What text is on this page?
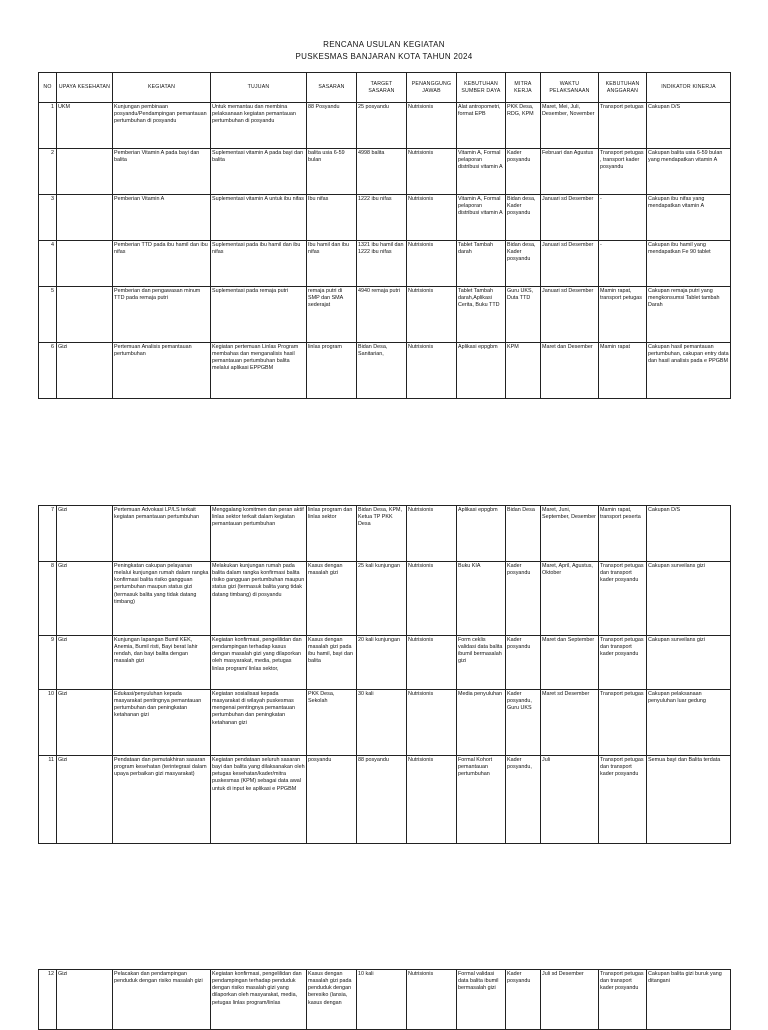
RENCANA USULAN KEGIATAN
PUSKESMAS BANJARAN KOTA TAHUN 2024
NO	UPAYA KESEHATAN	KEGIATAN	TUJUAN	SASARAN	TARGET SASARAN	PENANGGUNG JAWAB	KEBUTUHAN SUMBER DAYA	MITRA KERJA	WAKTU PELAKSANAAN	KEBUTUHAN ANGGARAN	INDIKATOR KINERJA
1	UKM	Kunjungan pembinaan posyandu/Pendampingan pemantauan pertumbuhan di posyandu	Untuk memantau dan membina pelaksanaan kegiatan pemantauan pertumbuhan di posyandu	88 Posyandu	25 posyandu	Nutrisionis	Alat antropometri, format EPB	PKK Desa, RDG, KPM	Maret, Mei, Juli, Desember, November	Transport petugas	Cakupan D/S
2		Pemberian Vitamin A pada bayi dan balita	Suplementasi vitamin A pada bayi dan balita	balita usia 6-59 bulan	4998 balita	Nutrisionis	Vitamin A, Formal pelaporan distribusi vitamin A	Kader posyandu	Februari dan Agustus	Transport petugas , transport kader posyandu	Cakupan balita usia 6-59 bulan yang mendapatkan vitamin A
3		Pemberian Vitamin A	Suplementasi vitamin A untuk ibu nifas	Ibu nifas	1222 ibu nifas	Nutrisionis	Vitamin A, Formal pelaporan distribusi vitamin A	Bidan desa, Kader posyandu	Januari sd Desember	-	Cakupan ibu nifas yang mendapatkan vitamin A
4		Pemberian TTD pada ibu hamil dan ibu nifas	Suplementasi pada ibu hamil dan ibu nifas	Ibu hamil dan ibu nifas	1321 ibu hamil dan 1222 ibu nifas	Nutrisionis	Tablet Tambah darah	Bidan desa, Kader posyandu	Januari sd Desember	-	Cakupan ibu hamil yang mendapatkan Fe 90 tablet
5		Pemberian dan pengawasan minum TTD pada remaja putri	Suplementasi pada remaja putri	remaja putri di SMP dan SMA sederajat	4940 remaja putri	Nutrisionis	Tablet Tambah darah,Aplikasi Cerita, Buku TTD	Guru UKS, Duta TTD	Januari sd Desember	Mamin rapat, transport petugas	Cakupan remaja putri yang mengkonsumsi Tablet tambah Darah
6	Gizi	Pertemuan Analisis pemantauan pertumbuhan	Kegiatan pertemuan Linlas Program membahas dan menganalisis hasil pemantauan pertumbuhan balita melalui aplikasi EPPGBM	linlas program	Bidan Desa, Sanitarian,	Nutrisionis	Aplikasi eppgbm	KPM	Maret dan Desember	Mamin rapat	Cakupan hasil pemantauan pertumbuhan, cakupan entry data dan hasil analisis pada e PPGBM
7	Gizi	Pertemuan Advokasi LP/LS terkait kegiatan pemantauan pertumbuhan	Menggalang komitmen dan peran aktif linlas sektor terkait dalam kegiatan pemantauan pertumbuhan	linlas program dan linlas sektor	Bidan Desa, KPM, Ketua TP PKK Desa	Nutrisionis	Aplikasi eppgbm	Bidan Desa	Maret, Juni, September, Desember	Mamin rapat, transport peserta	Cakupan D/S
8	Gizi	Peningkatan cakupan pelayanan melalui kunjungan rumah dalam rangka konfirmasi balita risiko gangguan pertumbuhan maupun status gizi (termasuk balita yang tidak datang timbang)	Melakukan kunjungan rumah pada balita dalam rangka konfirmasi balita risiko gangguan pertumbuhan maupun status gizi (termasuk balita yang tidak datang timbang) di posyandu	Kasus dengan masalah gizi	25 kali kunjungan	Nutrisionis	Buku KIA	Kader posyandu	Maret, April, Agustus, Oktober	Transport petugas dan transport kader posyandu	Cakupan surveilans gizi
9	Gizi	Kunjungan lapangan Bumil KEK, Anemia, Bumil risti, Bayi berat lahir rendah, dan bayi balita dengan masalah gizi	Kegiatan konfirmasi, pengelilidan dan pendampingan terhadap kasus dengan masalah gizi yang dilaporkan oleh masyarakat, media, petugas linlas program/ linlas sektor,	Kasus dengan masalah gizi pada ibu hamil, bayi dan balita	20 kali kunjungan	Nutrisionis	Form ceklis validasi data balita ibumil bermasalah gizi	Kader posyandu	Maret dan September	Transport petugas dan transport kader posyandu	Cakupan surveilans gizi
10	Gizi	Edukasi/penyuluhan kepada masyarakat pentingnya pemantauan pertumbuhan dan peningkatan ketahanan gizi	Kegiatan sosialisasi kepada masyarakat di wilayah puskesmas mengenai pentingnya pemantauan pertumbuhan dan peningkatan ketahanan gizi	PKK Desa, Sekolah	30 kali	Nutrisionis	Media penyuluhan	Kader posyandu, Guru UKS	Maret sd Desember	Transport petugas	Cakupan pelaksanaan penyuluhan luar gedung
11	Gizi	Pendataan dan pemutakhiran sasaran program kesehatan (terintegrasi dalam upaya perbaikan gizi masyarakat)	Kegiatan pendataan seluruh sasaran bayi dan balita yang dilaksanakan oleh petugas kesehatan/kader/mitra puskesmas (KPM) sebagai data awal untuk di input ke aplikasi e PPGBM	posyandu	88 posyandu	Nutrisionis	Formal Kohort pemantauan pertumbuhan	Kader posyandu,	Juli	Transport petugas dan transport kader posyandu	Semua bayi dan Balita terdata
12	Gizi	Pelacakan dan pendampingan penduduk dengan risiko masalah gizi	Kegiatan konfirmasi, pengelilidan dan pendampingan terhadap penduduk dengan risiko masalah gizi yang dilaporkan oleh masyarakat, media, petugas linlas program/linlas	Kasus dengan masalah gizi pada penduduk dengan beresiko (lansia, kasus dengan	10 kali	Nutrisionis	Formal validasi data balita ibumil bermasalah gizi	Kader posyandu	Juli sd Desember	Transport petugas dan transport kader posyandu	Cakupan balita gizi buruk yang ditangani
